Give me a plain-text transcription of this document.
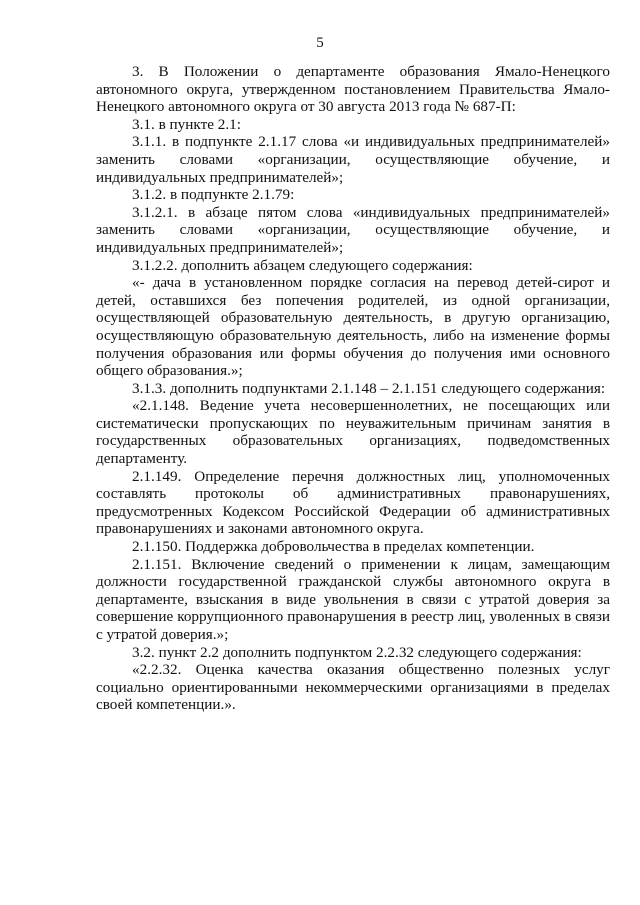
5

3. В Положении о департаменте образования Ямало-Ненецкого автономного округа, утвержденном постановлением Правительства Ямало-Ненецкого автономного округа от 30 августа 2013 года № 687-П:

3.1. в пункте 2.1:

3.1.1. в подпункте 2.1.17 слова «и индивидуальных предпринимателей» заменить словами «организации, осуществляющие обучение, и индивидуальных предпринимателей»;

3.1.2. в подпункте 2.1.79:

3.1.2.1. в абзаце пятом слова «индивидуальных предпринимателей» заменить словами «организации, осуществляющие обучение, и индивидуальных предпринимателей»;

3.1.2.2. дополнить абзацем следующего содержания:

«- дача в установленном порядке согласия на перевод детей-сирот и детей, оставшихся без попечения родителей, из одной организации, осуществляющей образовательную деятельность, в другую организацию, осуществляющую образовательную деятельность, либо на изменение формы получения образования или формы обучения до получения ими основного общего образования.»;

3.1.3. дополнить подпунктами 2.1.148 – 2.1.151 следующего содержания:

«2.1.148. Ведение учета несовершеннолетних, не посещающих или систематически пропускающих по неуважительным причинам занятия в государственных образовательных организациях, подведомственных департаменту.

2.1.149. Определение перечня должностных лиц, уполномоченных составлять протоколы об административных правонарушениях, предусмотренных Кодексом Российской Федерации об административных правонарушениях и законами автономного округа.

2.1.150. Поддержка добровольчества в пределах компетенции.

2.1.151. Включение сведений о применении к лицам, замещающим должности государственной гражданской службы автономного округа в департаменте, взыскания в виде увольнения в связи с утратой доверия за совершение коррупционного правонарушения в реестр лиц, уволенных в связи с утратой доверия.»;

3.2. пункт 2.2 дополнить подпунктом 2.2.32 следующего содержания:

«2.2.32. Оценка качества оказания общественно полезных услуг социально ориентированными некоммерческими организациями в пределах своей компетенции.».
